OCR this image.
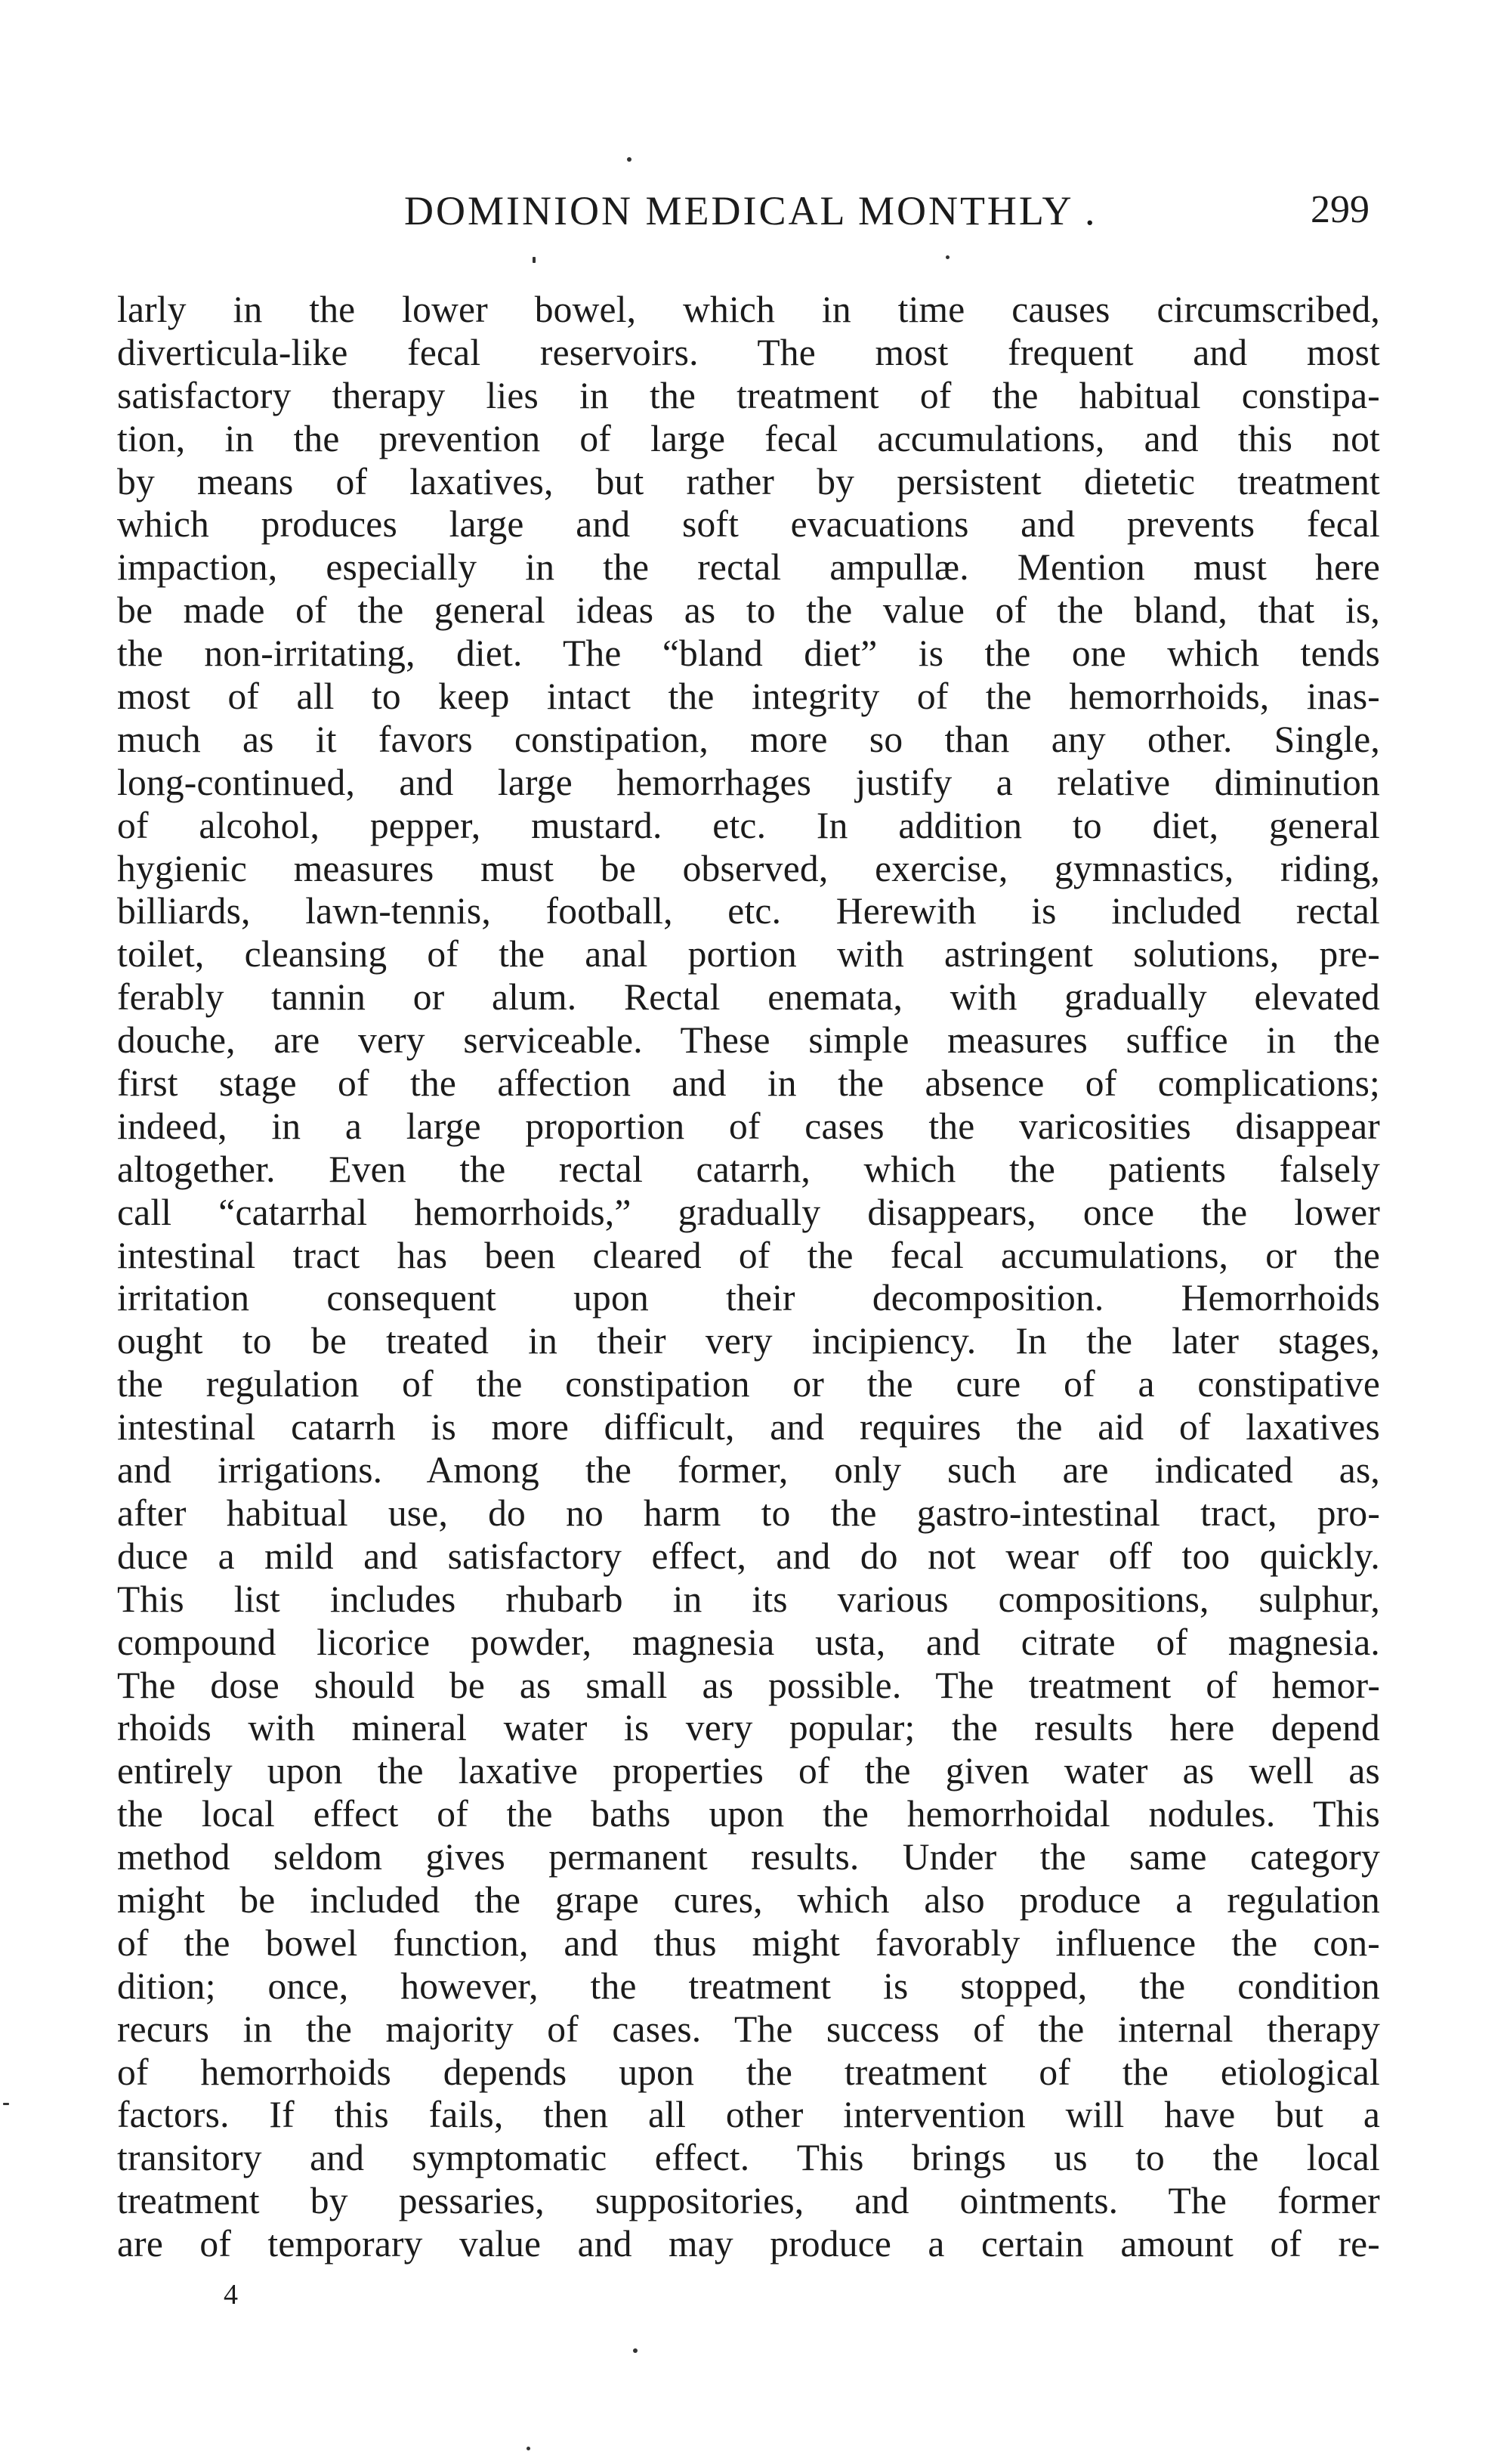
DOMINION MEDICAL MONTHLY .	299
larly in the lower bowel, which in time causes circumscribed,
diverticula-like fecal reservoirs. The most frequent and most
satisfactory therapy lies in the treatment of the habitual constipa-
tion, in the prevention of large fecal accumulations, and this not
by means of laxatives, but rather by persistent dietetic treatment
which produces large and soft evacuations and prevents fecal
impaction, especially in the rectal ampullæ. Mention must here
be made of the general ideas as to the value of the bland, that is,
the non-irritating, diet. The “bland diet” is the one which tends
most of all to keep intact the integrity of the hemorrhoids, inas-
much as it favors constipation, more so than any other. Single,
long-continued, and large hemorrhages justify a relative diminution
of alcohol, pepper, mustard. etc. In addition to diet, general
hygienic measures must be observed, exercise, gymnastics, riding,
billiards, lawn-tennis, football, etc. Herewith is included rectal
toilet, cleansing of the anal portion with astringent solutions, pre-
ferably tannin or alum. Rectal enemata, with gradually elevated
douche, are very serviceable. These simple measures suffice in the
first stage of the affection and in the absence of complications;
indeed, in a large proportion of cases the varicosities disappear
altogether. Even the rectal catarrh, which the patients falsely
call “catarrhal hemorrhoids,” gradually disappears, once the lower
intestinal tract has been cleared of the fecal accumulations, or the
irritation consequent upon their decomposition. Hemorrhoids
ought to be treated in their very incipiency. In the later stages,
the regulation of the constipation or the cure of a constipative
intestinal catarrh is more difficult, and requires the aid of laxatives
and irrigations. Among the former, only such are indicated as,
after habitual use, do no harm to the gastro-intestinal tract, pro-
duce a mild and satisfactory effect, and do not wear off too quickly.
This list includes rhubarb in its various compositions, sulphur,
compound licorice powder, magnesia usta, and citrate of magnesia.
The dose should be as small as possible. The treatment of hemor-
rhoids with mineral water is very popular; the results here depend
entirely upon the laxative properties of the given water as well as
the local effect of the baths upon the hemorrhoidal nodules. This
method seldom gives permanent results. Under the same category
might be included the grape cures, which also produce a regulation
of the bowel function, and thus might favorably influence the con-
dition; once, however, the treatment is stopped, the condition
recurs in the majority of cases. The success of the internal therapy
of hemorrhoids depends upon the treatment of the etiological
factors. If this fails, then all other intervention will have but a
transitory and symptomatic effect. This brings us to the local
treatment by pessaries, suppositories, and ointments. The former
are of temporary value and may produce a certain amount of re-
4
